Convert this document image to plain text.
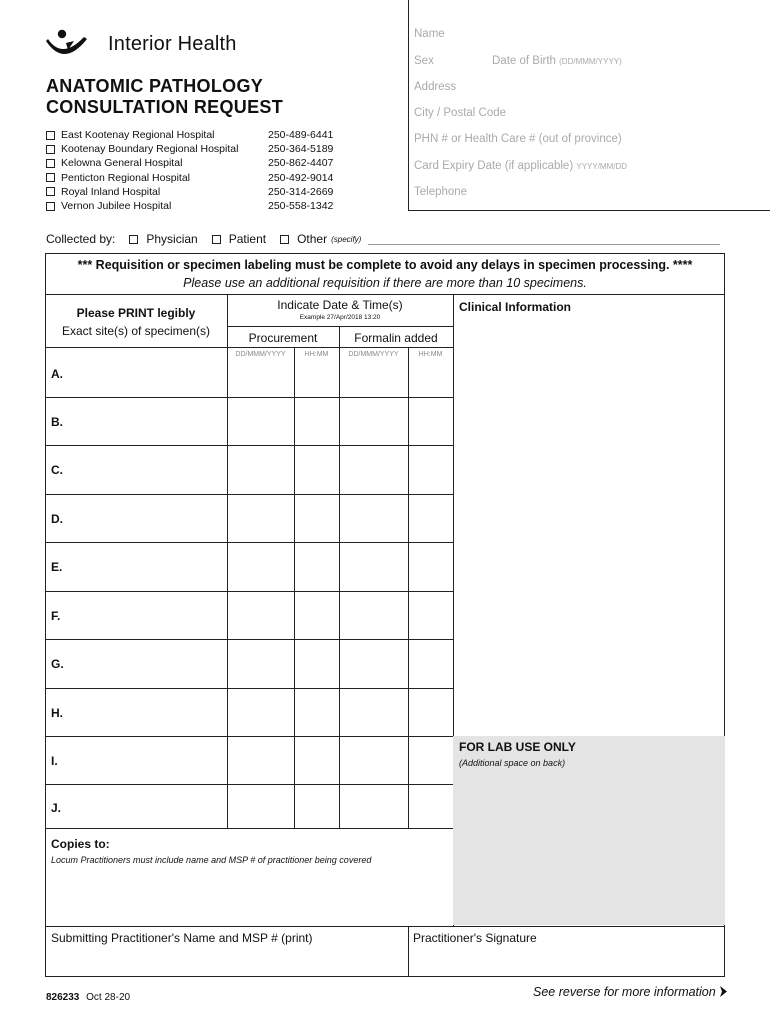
Interior Health
ANATOMIC PATHOLOGY
CONSULTATION REQUEST
East Kootenay Regional Hospital	250-489-6441
Kootenay Boundary Regional Hospital	250-364-5189
Kelowna General Hospital	250-862-4407
Penticton Regional Hospital	250-492-9014
Royal Inland Hospital	250-314-2669
Vernon Jubilee Hospital	250-558-1342
Name
Sex	Date of Birth (DD/MMM/YYYY)
Address
City / Postal Code
PHN # or Health Care # (out of province)
Card Expiry Date (if applicable) YYYY/MM/DD
Telephone
Collected by:	Physician	Patient	Other (specify)
*** Requisition or specimen labeling must be complete to avoid any delays in specimen processing. ****
Please use an additional requisition if there are more than 10 specimens.
Please PRINT legibly
Exact site(s) of specimen(s)
Indicate Date & Time(s)
Example 27/Apr/2018 13:20
Procurement	Formalin added
DD/MMM/YYYY	HH:MM	DD/MMM/YYYY	HH:MM
Clinical Information
A.
B.
C.
D.
E.
F.
G.
H.
I.
J.
FOR LAB USE ONLY
(Additional space on back)
Copies to:
Locum Practitioners must include name and MSP # of practitioner being covered
Submitting Practitioner's Name and MSP # (print)	Practitioner's Signature
826233 Oct 28-20	See reverse for more information
